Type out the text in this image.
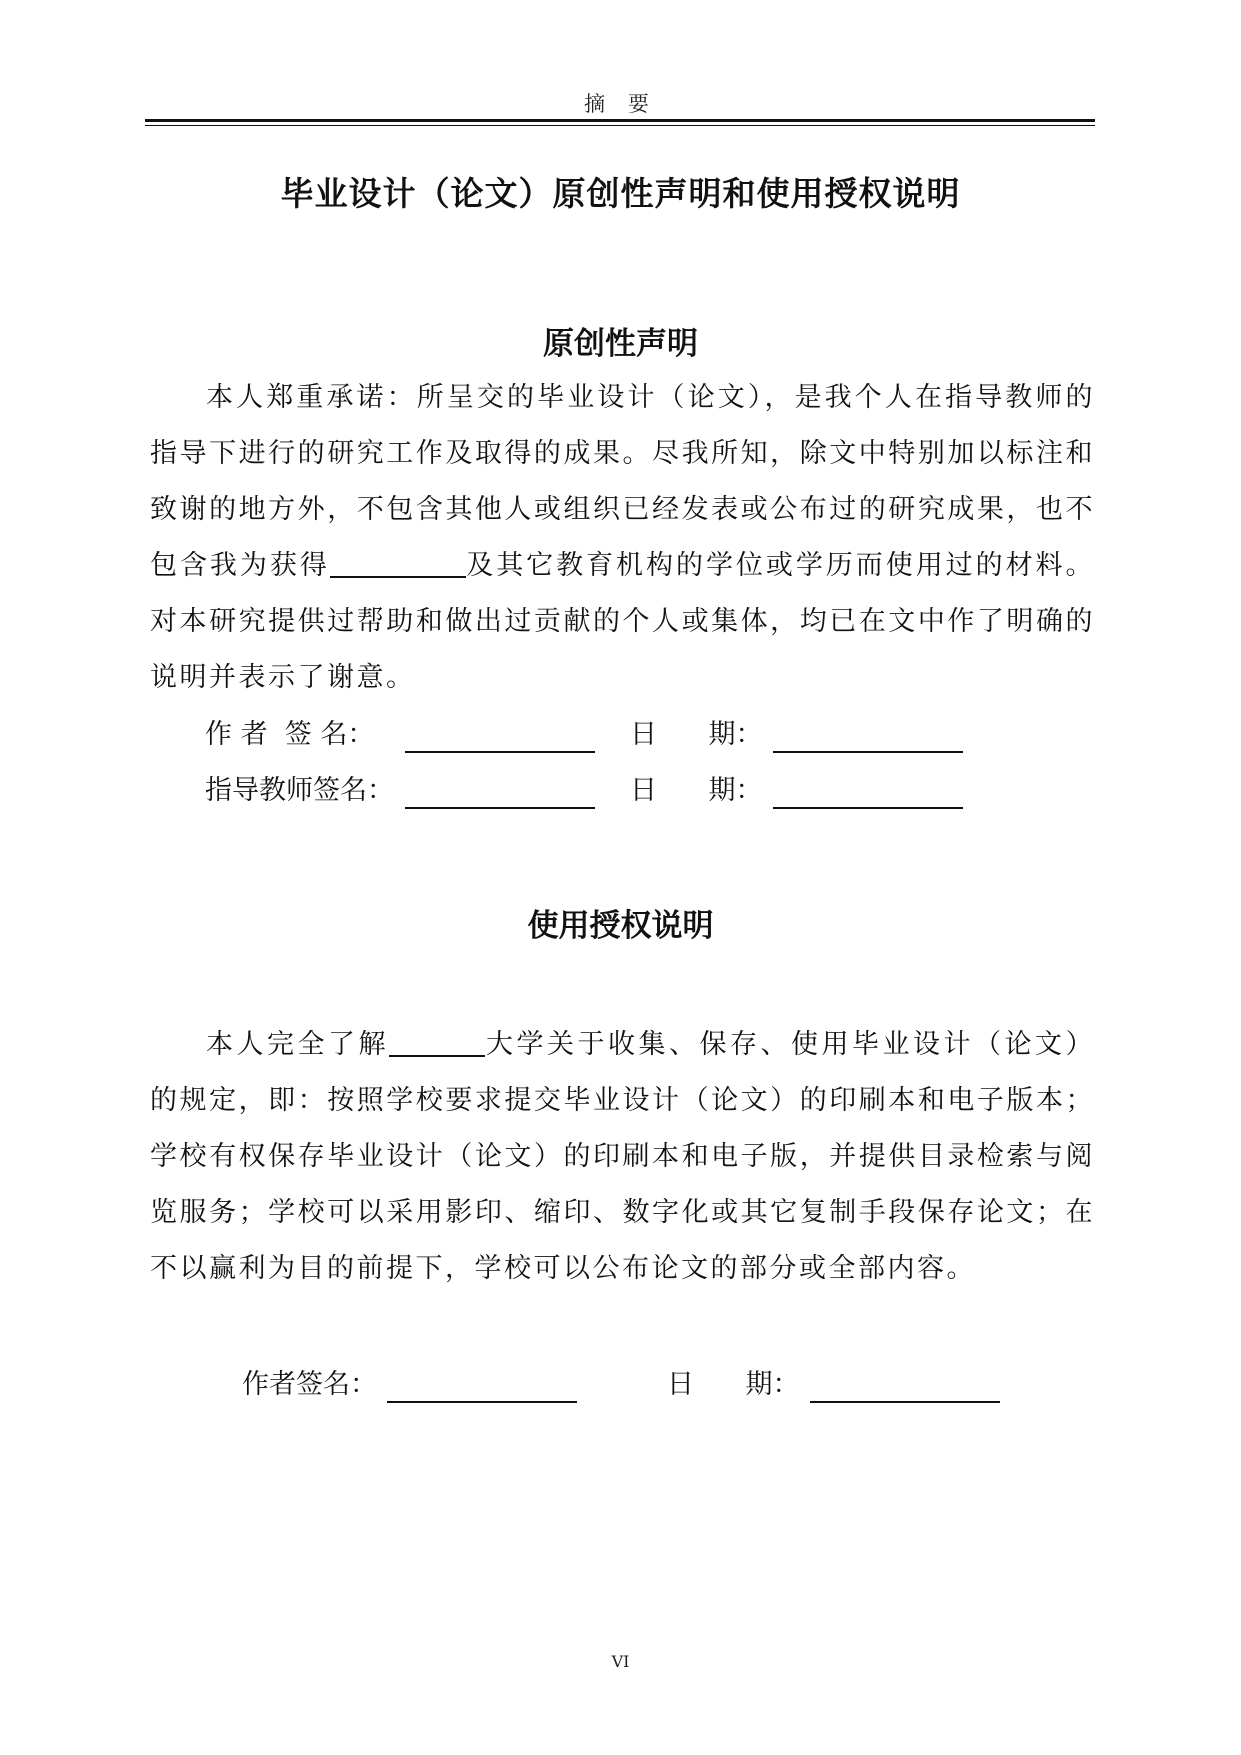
摘 要
毕业设计（论文）原创性声明和使用授权说明
原创性声明

本人郑重承诺：所呈交的毕业设计（论文），是我个人在指导教师的指导下进行的研究工作及取得的成果。尽我所知，除文中特别加以标注和致谢的地方外，不包含其他人或组织已经发表或公布过的研究成果，也不包含我为获得	及其它教育机构的学位或学历而使用过的材料。对本研究提供过帮助和做出过贡献的个人或集体，均已在文中作了明确的说明并表示了谢意。

作 者  签 名：	日      期：
指导教师签名：	日      期：
使用授权说明

本人完全了解	大学关于收集、保存、使用毕业设计（论文）的规定，即：按照学校要求提交毕业设计（论文）的印刷本和电子版本；学校有权保存毕业设计（论文）的印刷本和电子版，并提供目录检索与阅览服务；学校可以采用影印、缩印、数字化或其它复制手段保存论文；在不以赢利为目的前提下，学校可以公布论文的部分或全部内容。

作者签名：	日      期：
VI
